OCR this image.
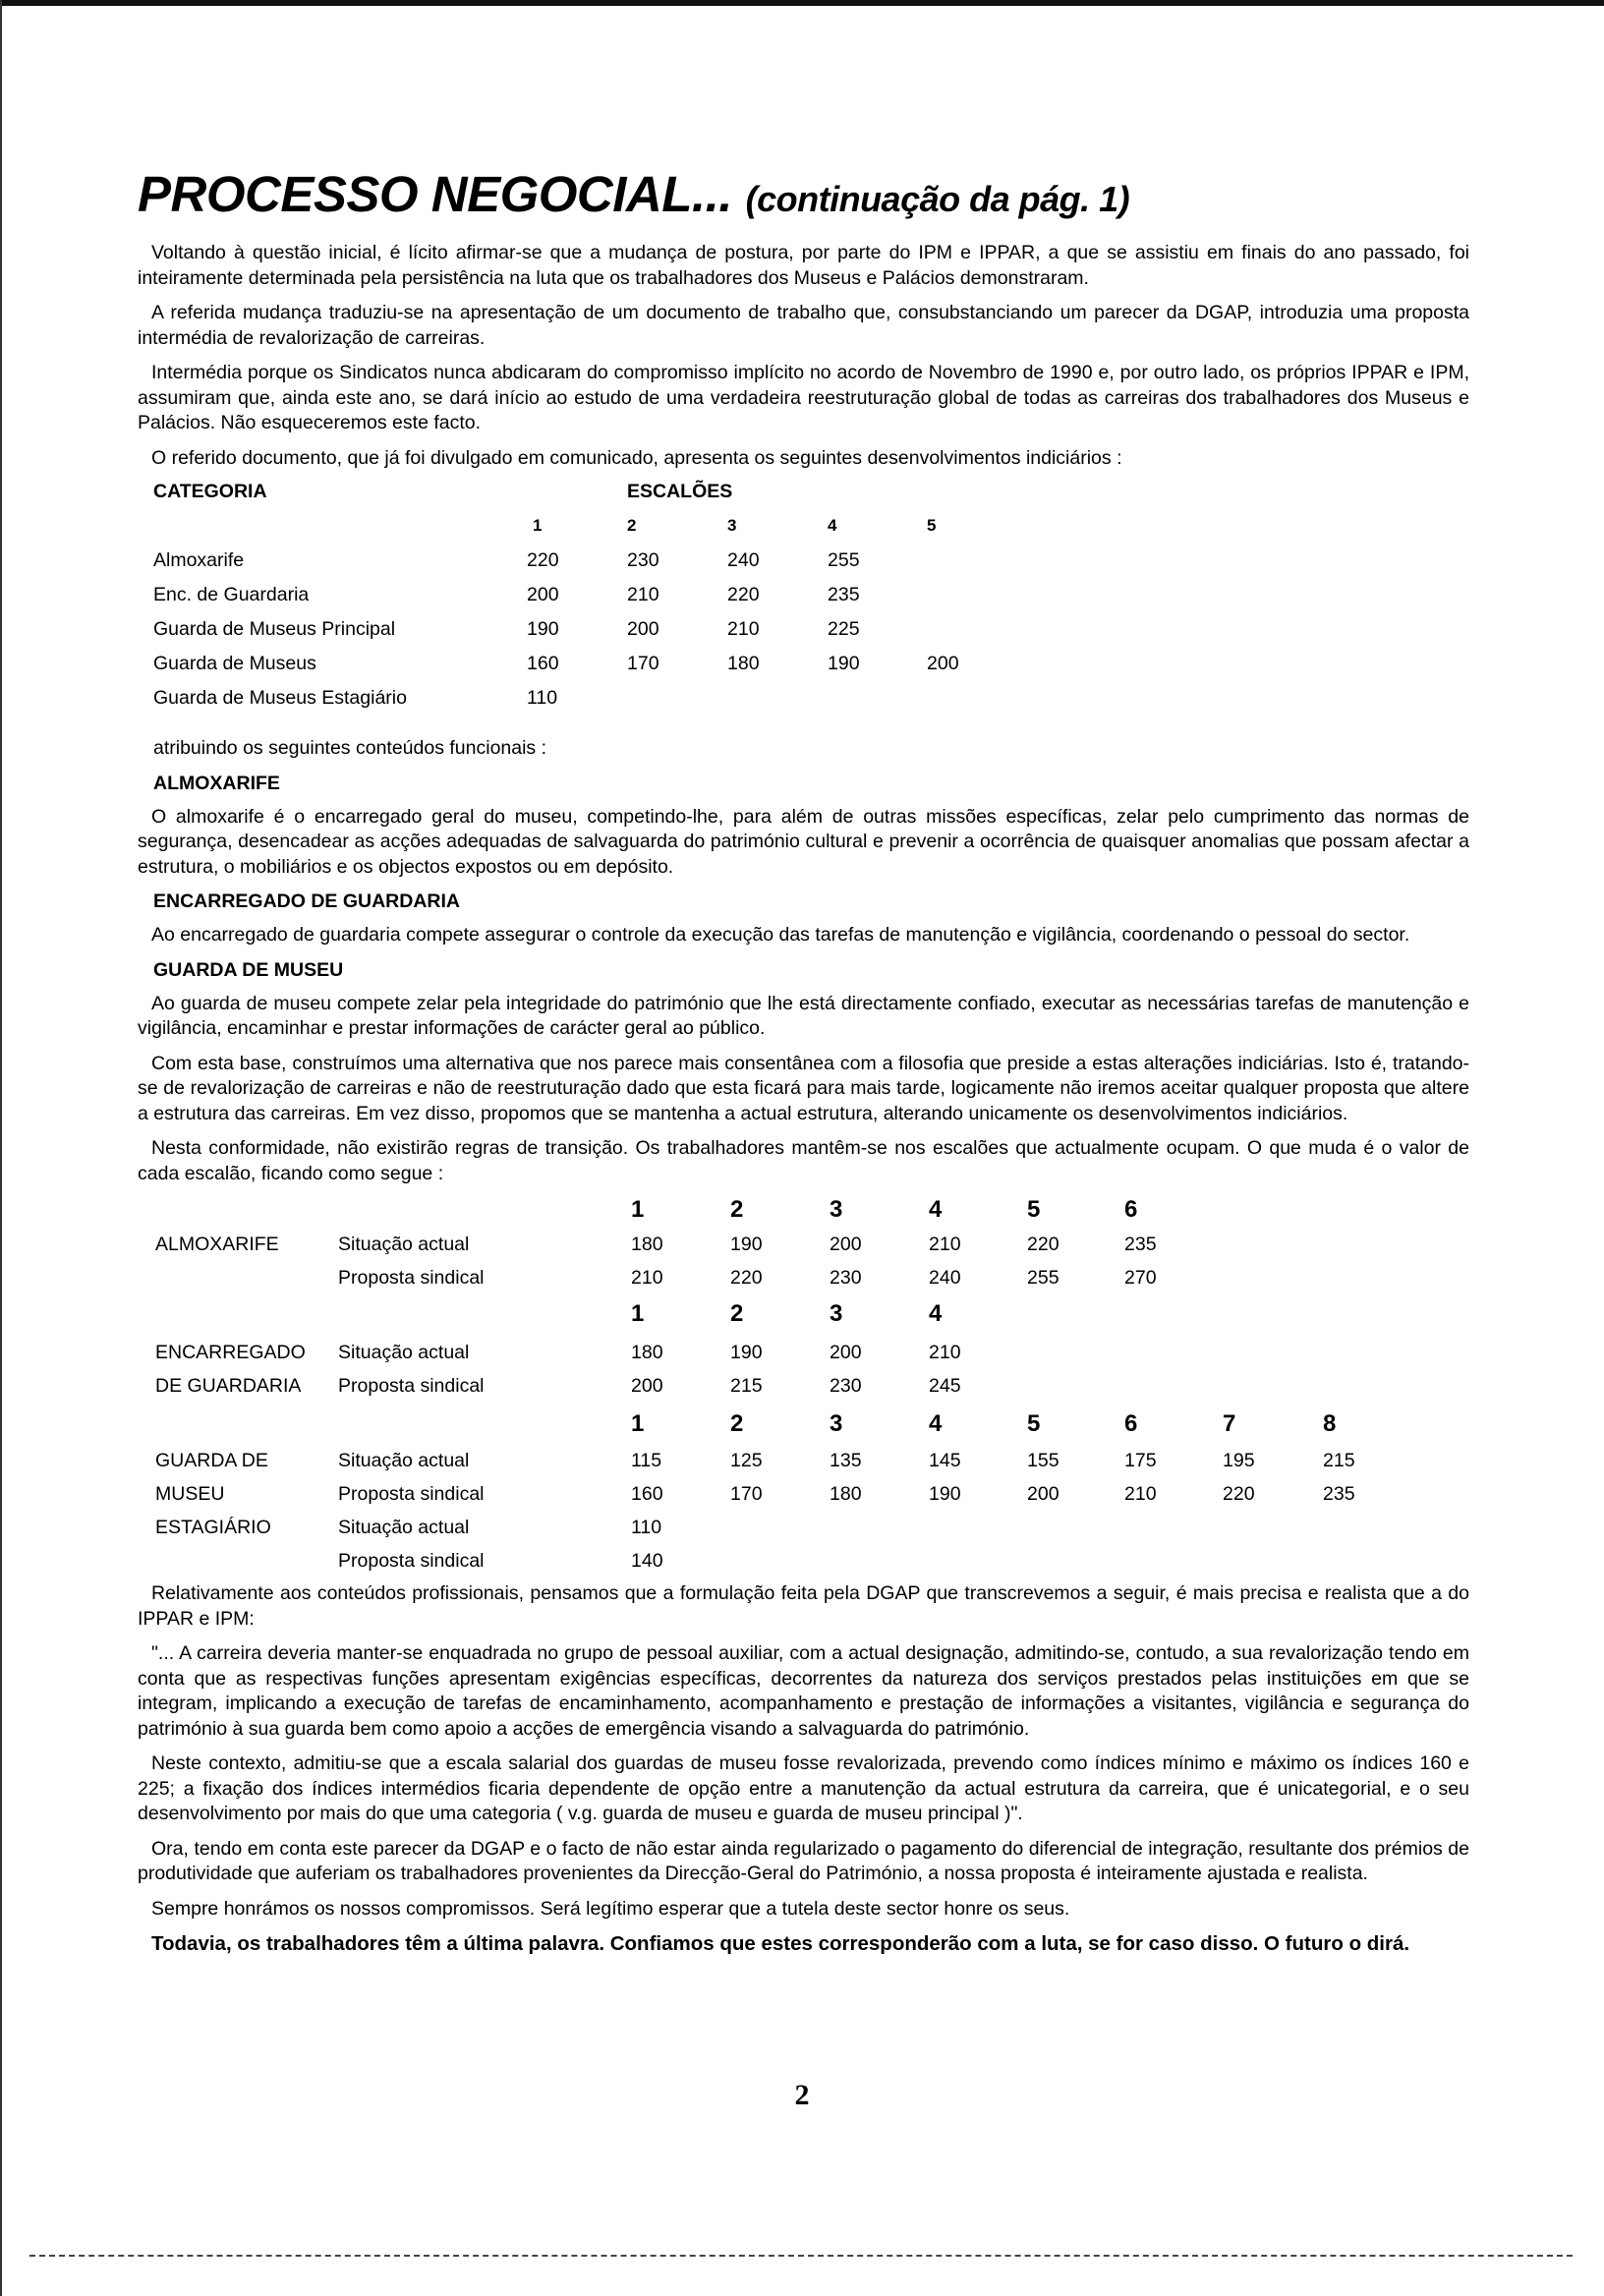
PROCESSO NEGOCIAL... (continuação da pág. 1)

Voltando à questão inicial, é lícito afirmar-se que a mudança de postura, por parte do IPM e IPPAR, a que se assistiu em finais do ano passado, foi inteiramente determinada pela persistência na luta que os trabalhadores dos Museus e Palácios demonstraram.

A referida mudança traduziu-se na apresentação de um documento de trabalho que, consubstanciando um parecer da DGAP, introduzia uma proposta intermédia de revalorização de carreiras.

Intermédia porque os Sindicatos nunca abdicaram do compromisso implícito no acordo de Novembro de 1990 e, por outro lado, os próprios IPPAR e IPM, assumiram que, ainda este ano, se dará início ao estudo de uma verdadeira reestruturação global de todas as carreiras dos trabalhadores dos Museus e Palácios. Não esqueceremos este facto.

O referido documento, que já foi divulgado em comunicado, apresenta os seguintes desenvolvimentos indiciários :

CATEGORIA	ESCALÕES
1	2	3	4	5
Almoxarife	220	230	240	255
Enc. de Guardaria	200	210	220	235
Guarda de Museus Principal	190	200	210	225
Guarda de Museus	160	170	180	190	200
Guarda de Museus Estagiário	110

atribuindo os seguintes conteúdos funcionais :

ALMOXARIFE

O almoxarife é o encarregado geral do museu, competindo-lhe, para além de outras missões específicas, zelar pelo cumprimento das normas de segurança, desencadear as acções adequadas de salvaguarda do património cultural e prevenir a ocorrência de quaisquer anomalias que possam afectar a estrutura, o mobiliários e os objectos expostos ou em depósito.

ENCARREGADO DE GUARDARIA

Ao encarregado de guardaria compete assegurar o controle da execução das tarefas de manutenção e vigilância, coordenando o pessoal do sector.

GUARDA DE MUSEU

Ao guarda de museu compete zelar pela integridade do património que lhe está directamente confiado, executar as necessárias tarefas de manutenção e vigilância, encaminhar e prestar informações de carácter geral ao público.

Com esta base, construímos uma alternativa que nos parece mais consentânea com a filosofia que preside a estas alterações indiciárias. Isto é, tratando-se de revalorização de carreiras e não de reestruturação dado que esta ficará para mais tarde, logicamente não iremos aceitar qualquer proposta que altere a estrutura das carreiras. Em vez disso, propomos que se mantenha a actual estrutura, alterando unicamente os desenvolvimentos indiciários.

Nesta conformidade, não existirão regras de transição. Os trabalhadores mantêm-se nos escalões que actualmente ocupam. O que muda é o valor de cada escalão, ficando como segue :

1	2	3	4	5	6
ALMOXARIFE	Situação actual	180	190	200	210	220	235
Proposta sindical	210	220	230	240	255	270
1	2	3	4
ENCARREGADO Situação actual	180	190	200	210
DE GUARDARIA Proposta sindical	200	215	230	245
1	2	3	4	5	6	7	8
GUARDA DE	Situação actual	115	125	135	145	155	175	195	215
MUSEU	Proposta sindical	160	170	180	190	200	210	220	235
ESTAGIÁRIO	Situação actual	110
Proposta sindical	140

Relativamente aos conteúdos profissionais, pensamos que a formulação feita pela DGAP que transcrevemos a seguir, é mais precisa e realista que a do IPPAR e IPM:

"... A carreira deveria manter-se enquadrada no grupo de pessoal auxiliar, com a actual designação, admitindo-se, contudo, a sua revalorização tendo em conta que as respectivas funções apresentam exigências específicas, decorrentes da natureza dos serviços prestados pelas instituições em que se integram, implicando a execução de tarefas de encaminhamento, acompanhamento e prestação de informações a visitantes, vigilância e segurança do património à sua guarda bem como apoio a acções de emergência visando a salvaguarda do património.

Neste contexto, admitiu-se que a escala salarial dos guardas de museu fosse revalorizada, prevendo como índices mínimo e máximo os índices 160 e 225; a fixação dos índices intermédios ficaria dependente de opção entre a manutenção da actual estrutura da carreira, que é unicategorial, e o seu desenvolvimento por mais do que uma categoria ( v.g. guarda de museu e guarda de museu principal )".

Ora, tendo em conta este parecer da DGAP e o facto de não estar ainda regularizado o pagamento do diferencial de integração, resultante dos prémios de produtividade que auferiam os trabalhadores provenientes da Direcção-Geral do Património, a nossa proposta é inteiramente ajustada e realista.

Sempre honrámos os nossos compromissos. Será legítimo esperar que a tutela deste sector honre os seus.

Todavia, os trabalhadores têm a última palavra. Confiamos que estes corresponderão com a luta, se for caso disso. O futuro o dirá.

2
